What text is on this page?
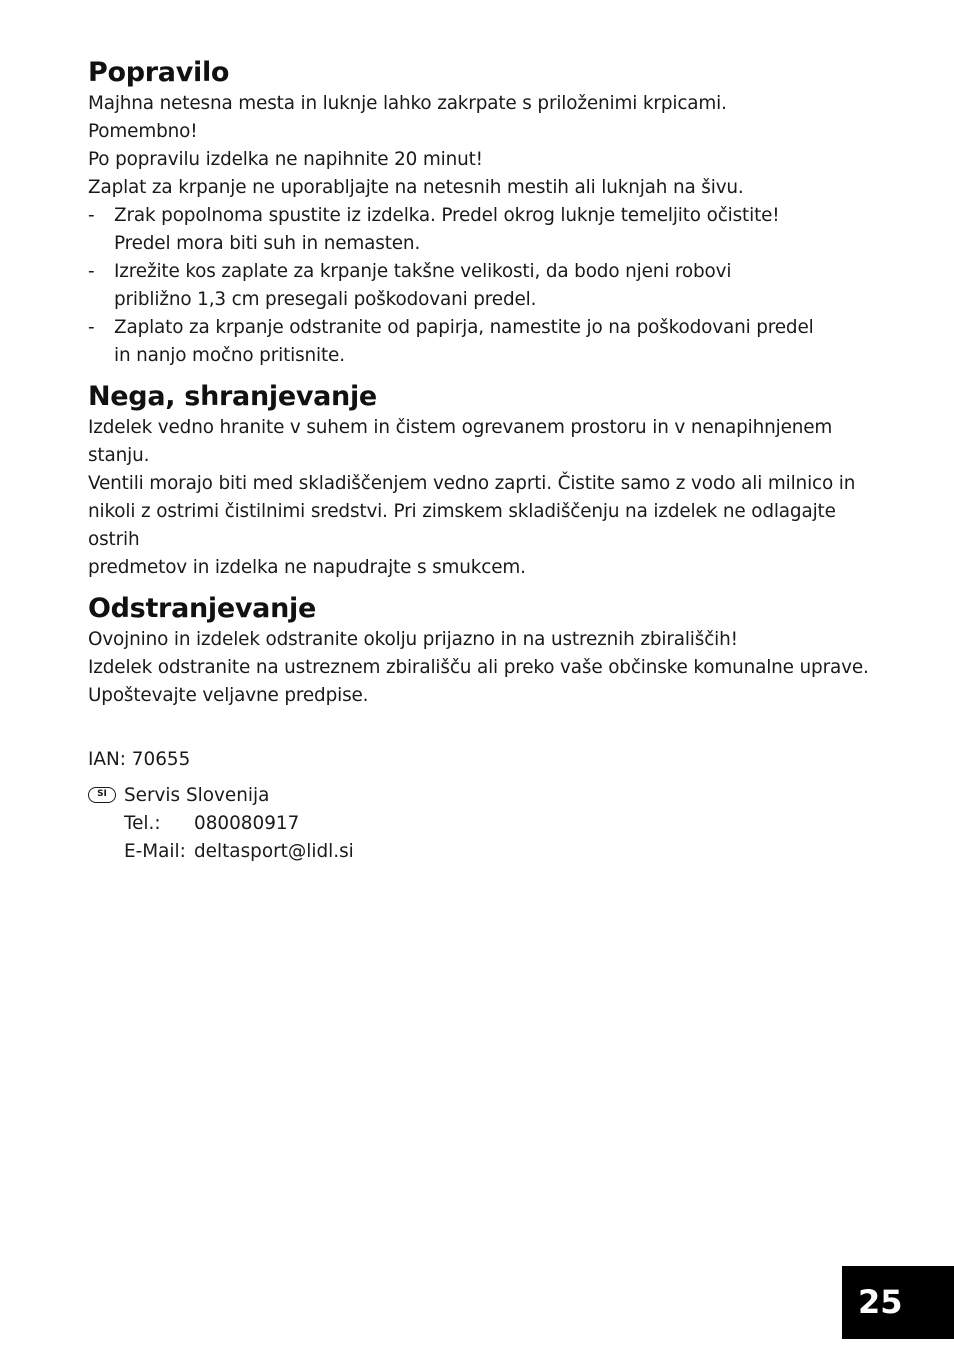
Popravilo

Majhna netesna mesta in luknje lahko zakrpate s priloženimi krpicami.

Pomembno!

Po popravilu izdelka ne napihnite 20 minut!

Zaplat za krpanje ne uporabljajte na netesnih mestih ali luknjah na šivu.

- Zrak popolnoma spustite iz izdelka. Predel okrog luknje temeljito očistite!
Predel mora biti suh in nemasten.
- Izrežite kos zaplate za krpanje takšne velikosti, da bodo njeni robovi
približno 1,3 cm presegali poškodovani predel.
- Zaplato za krpanje odstranite od papirja, namestite jo na poškodovani predel
in nanjo močno pritisnite.
Nega, shranjevanje

Izdelek vedno hranite v suhem in čistem ogrevanem prostoru in v nenapihnjenem stanju.

Ventili morajo biti med skladiščenjem vedno zaprti. Čistite samo z vodo ali milnico in

nikoli z ostrimi čistilnimi sredstvi. Pri zimskem skladiščenju na izdelek ne odlagajte ostrih

predmetov in izdelka ne napudrajte s smukcem.

Odstranjevanje

Ovojnino in izdelek odstranite okolju prijazno in na ustreznih zbirališčih!

Izdelek odstranite na ustreznem zbirališču ali preko vaše občinske komunalne uprave.

Upoštevajte veljavne predpise.

IAN: 70655
SI Servis Slovenija
Tel.:	080080917
E-Mail: deltasport@lidl.si
25
